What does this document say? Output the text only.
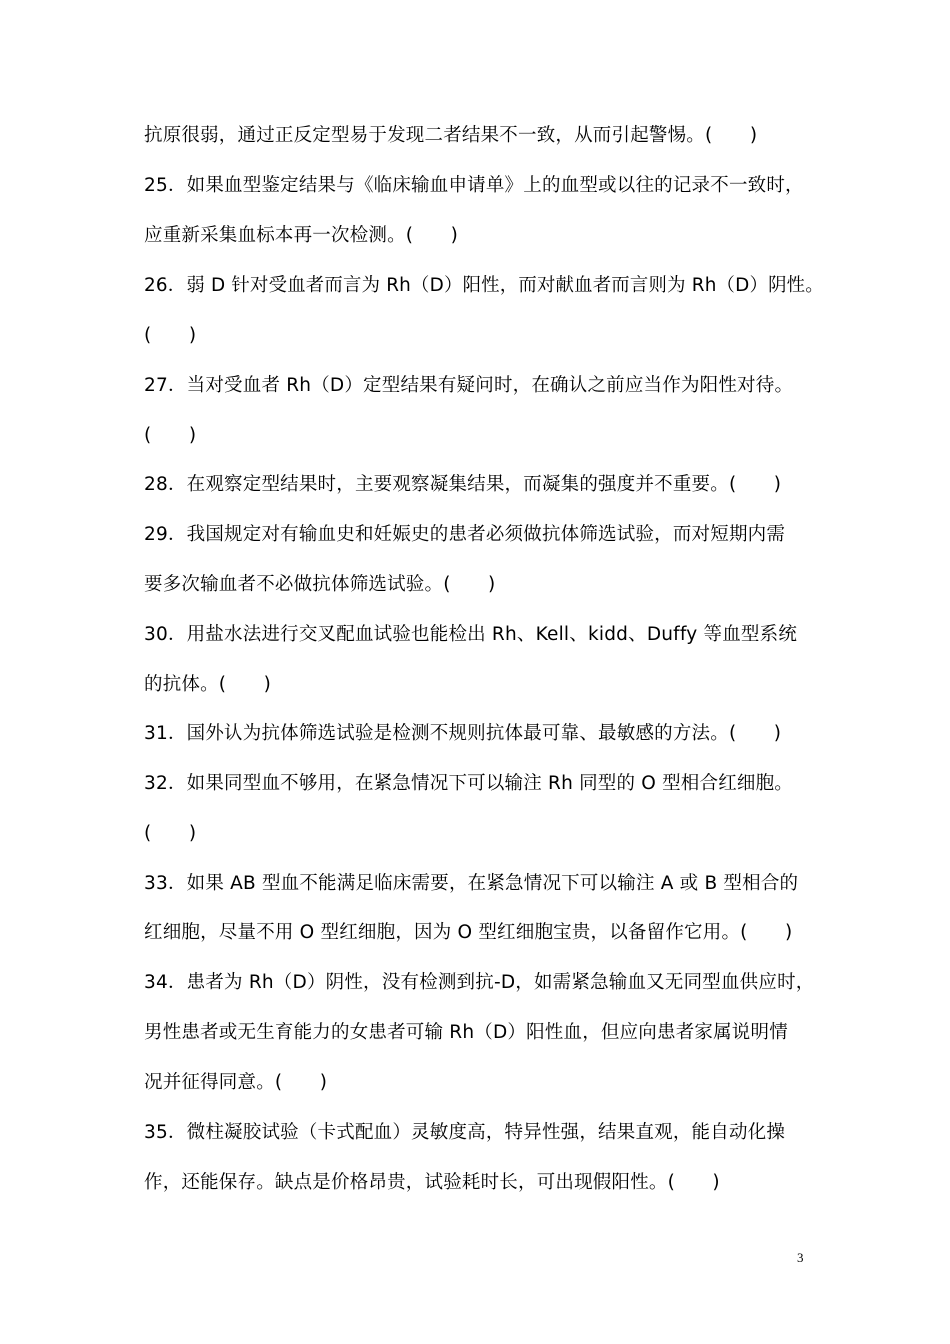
抗原很弱，通过正反定型易于发现二者结果不一致，从而引起警惕。(　　)
25．如果血型鉴定结果与《临床输血申请单》上的血型或以往的记录不一致时，
应重新采集血标本再一次检测。(　　)
26．弱 D 针对受血者而言为 Rh（D）阳性，而对献血者而言则为 Rh（D）阴性。
(　　)
27．当对受血者 Rh（D）定型结果有疑问时，在确认之前应当作为阳性对待。
(　　)
28．在观察定型结果时，主要观察凝集结果，而凝集的强度并不重要。(　　)
29．我国规定对有输血史和妊娠史的患者必须做抗体筛选试验，而对短期内需
要多次输血者不必做抗体筛选试验。(　　)
30．用盐水法进行交叉配血试验也能检出 Rh、Kell、kidd、Duffy 等血型系统
的抗体。(　　)
31．国外认为抗体筛选试验是检测不规则抗体最可靠、最敏感的方法。(　　)
32．如果同型血不够用，在紧急情况下可以输注 Rh 同型的 O 型相合红细胞。
(　　)
33．如果 AB 型血不能满足临床需要，在紧急情况下可以输注 A 或 B 型相合的
红细胞，尽量不用 O 型红细胞，因为 O 型红细胞宝贵，以备留作它用。(　　)
34．患者为 Rh（D）阴性，没有检测到抗-D，如需紧急输血又无同型血供应时，
男性患者或无生育能力的女患者可输 Rh（D）阳性血，但应向患者家属说明情
况并征得同意。(　　)
35．微柱凝胶试验（卡式配血）灵敏度高，特异性强，结果直观，能自动化操
作，还能保存。缺点是价格昂贵，试验耗时长，可出现假阳性。(　　)
3
